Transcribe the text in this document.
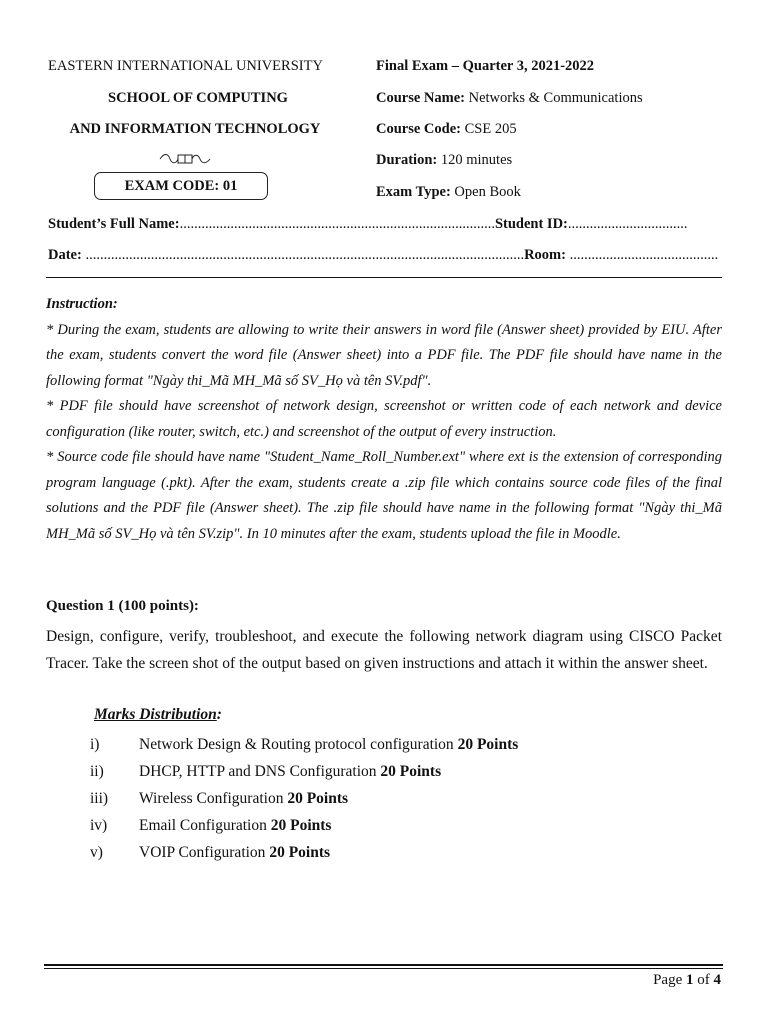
EASTERN INTERNATIONAL UNIVERSITY
SCHOOL OF COMPUTING
AND INFORMATION TECHNOLOGY
EXAM CODE: 01
Final Exam – Quarter 3, 2021-2022
Course Name: Networks & Communications
Course Code: CSE 205
Duration: 120 minutes
Exam Type: Open Book
Student’s Full Name:.......................................................................................Student ID:.................................
Date: .........................................................................................................................Room: .........................................
Instruction:
* During the exam, students are allowing to write their answers in word file (Answer sheet) provided by EIU. After the exam, students convert the word file (Answer sheet) into a PDF file. The PDF file should have name in the following format "Ngày thi_Mã MH_Mã số SV_Họ và tên SV.pdf".
* PDF file should have screenshot of network design, screenshot or written code of each network and device configuration (like router, switch, etc.) and screenshot of the output of every instruction.
* Source code file should have name "Student_Name_Roll_Number.ext" where ext is the extension of corresponding program language (.pkt). After the exam, students create a .zip file which contains source code files of the final solutions and the PDF file (Answer sheet). The .zip file should have name in the following format "Ngày thi_Mã MH_Mã số SV_Họ và tên SV.zip". In 10 minutes after the exam, students upload the file in Moodle.
Question 1 (100 points):
Design, configure, verify, troubleshoot, and execute the following network diagram using CISCO Packet Tracer. Take the screen shot of the output based on given instructions and attach it within the answer sheet.
Marks Distribution:
i)	Network Design & Routing protocol configuration 20 Points
ii) DHCP, HTTP and DNS Configuration 20 Points
iii) Wireless Configuration 20 Points
iv) Email Configuration 20 Points
v) VOIP Configuration 20 Points
Page 1 of 4
